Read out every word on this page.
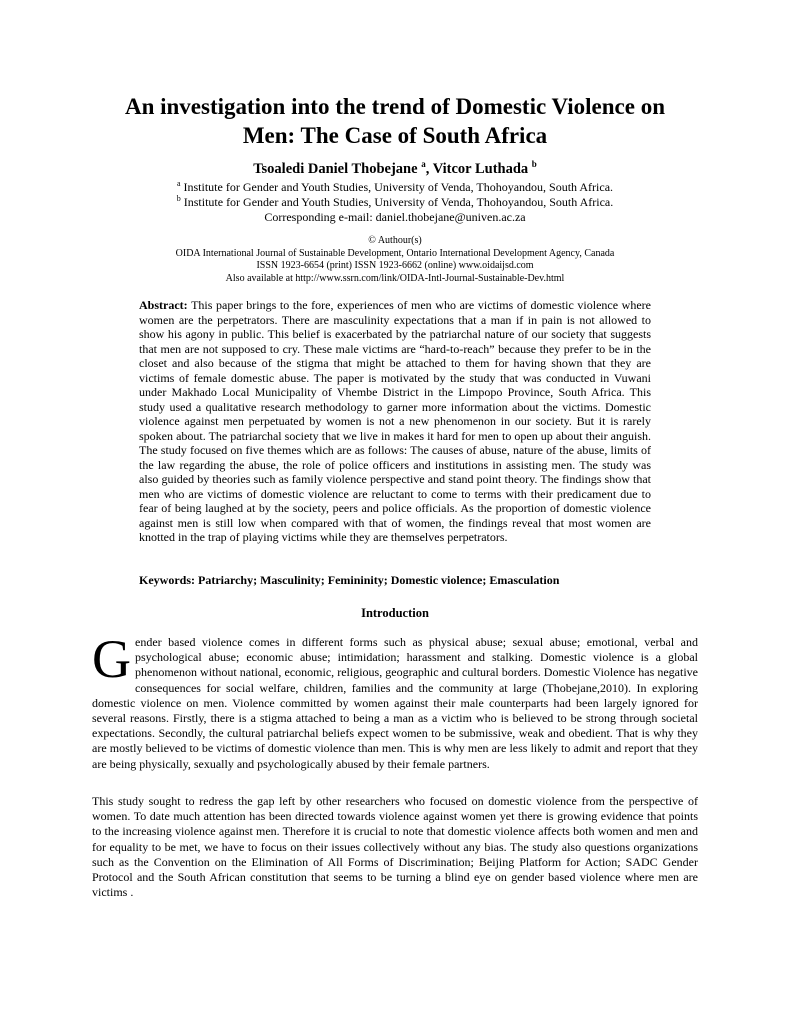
An investigation into the trend of Domestic Violence on
Men: The Case of South Africa
Tsoaledi Daniel Thobejane $^a$, Vitcor Luthada $^b$
$^a$ Institute for Gender and Youth Studies, University of Venda, Thohoyandou, South Africa.
$^b$ Institute for Gender and Youth Studies, University of Venda, Thohoyandou, South Africa.
Corresponding e-mail: daniel.thobejane@univen.ac.za
© Authour(s)
OIDA International Journal of Sustainable Development, Ontario International Development Agency, Canada
ISSN 1923-6654 (print) ISSN 1923-6662 (online) www.oidaijsd.com
Also available at http://www.ssrn.com/link/OIDA-Intl-Journal-Sustainable-Dev.html

Abstract: This paper brings to the fore, experiences of men who are victims of domestic violence where women are the perpetrators. There are masculinity expectations that a man if in pain is not allowed to show his agony in public. This belief is exacerbated by the patriarchal nature of our society that suggests that men are not supposed to cry. These male victims are “hard-to-reach” because they prefer to be in the closet and also because of the stigma that might be attached to them for having shown that they are victims of female domestic abuse. The paper is motivated by the study that was conducted in Vuwani under Makhado Local Municipality of Vhembe District in the Limpopo Province, South Africa. This study used a qualitative research methodology to garner more information about the victims. Domestic violence against men perpetuated by women is not a new phenomenon in our society. But it is rarely spoken about. The patriarchal society that we live in makes it hard for men to open up about their anguish. The study focused on five themes which are as follows: The causes of abuse, nature of the abuse, limits of the law regarding the abuse, the role of police officers and institutions in assisting men. The study was also guided by theories such as family violence perspective and stand point theory. The findings show that men who are victims of domestic violence are reluctant to come to terms with their predicament due to fear of being laughed at by the society, peers and police officials. As the proportion of domestic violence against men is still low when compared with that of women, the findings reveal that most women are knotted in the trap of playing victims while they are themselves perpetrators.

Keywords: Patriarchy; Masculinity; Femininity; Domestic violence; Emasculation
Introduction

Gender based violence comes in different forms such as physical abuse; sexual abuse; emotional, verbal and psychological abuse; economic abuse; intimidation; harassment and stalking. Domestic violence is a global phenomenon without national, economic, religious, geographic and cultural borders. Domestic Violence has negative consequences for social welfare, children, families and the community at large (Thobejane,2010). In exploring domestic violence on men. Violence committed by women against their male counterparts had been largely ignored for several reasons. Firstly, there is a stigma attached to being a man as a victim who is believed to be strong through societal expectations. Secondly, the cultural patriarchal beliefs expect women to be submissive, weak and obedient. That is why they are mostly believed to be victims of domestic violence than men. This is why men are less likely to admit and report that they are being physically, sexually and psychologically abused by their female partners.

This study sought to redress the gap left by other researchers who focused on domestic violence from the perspective of women. To date much attention has been directed towards violence against women yet there is growing evidence that points to the increasing violence against men. Therefore it is crucial to note that domestic violence affects both women and men and for equality to be met, we have to focus on their issues collectively without any bias. The study also questions organizations such as the Convention on the Elimination of All Forms of Discrimination; Beijing Platform for Action; SADC Gender Protocol and the South African constitution that seems to be turning a blind eye on gender based violence where men are victims .
